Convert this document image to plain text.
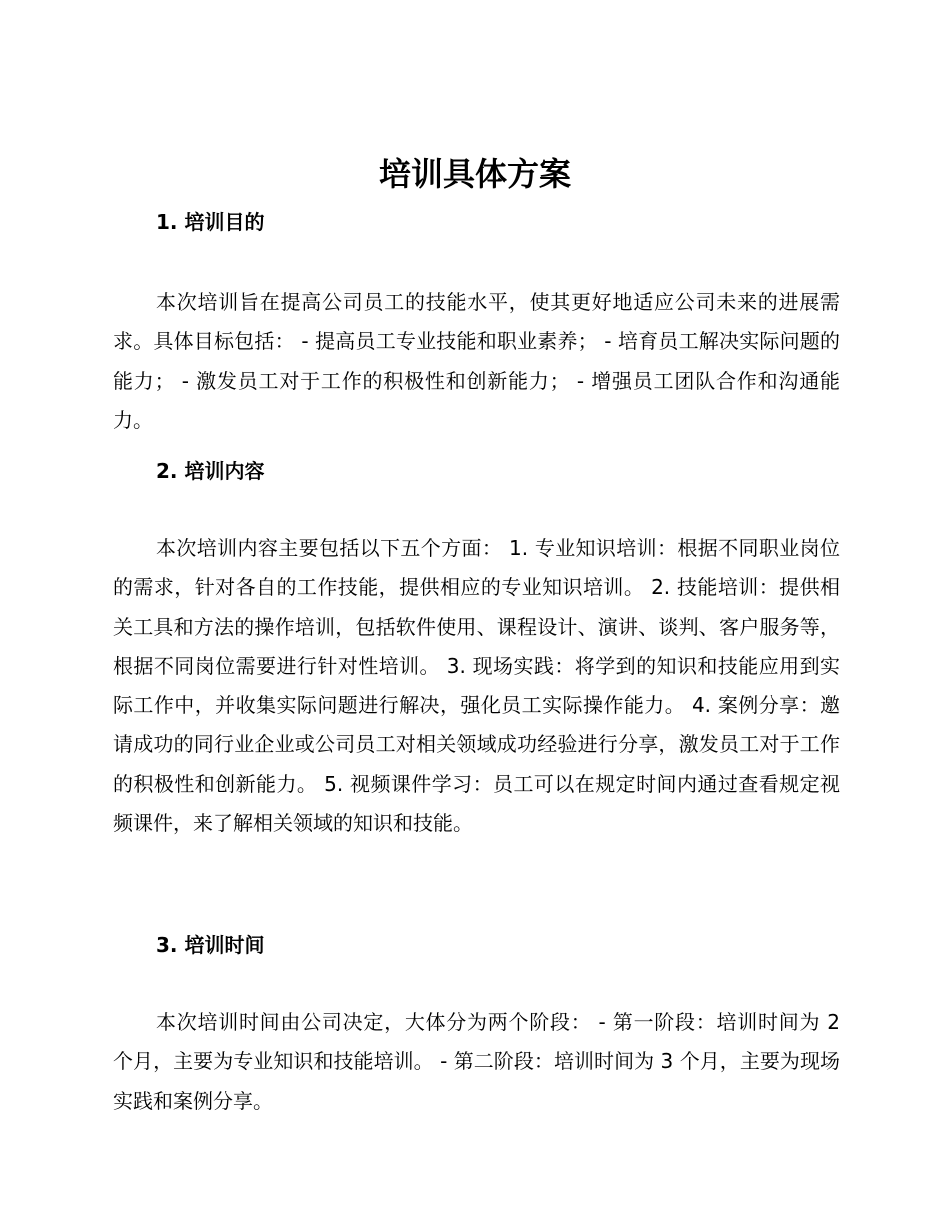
培训具体方案
1. 培训目的

本次培训旨在提高公司员工的技能水平，使其更好地适应公司未来的进展需求。具体目标包括： - 提高员工专业技能和职业素养； - 培育员工解决实际问题的能力； - 激发员工对于工作的积极性和创新能力； - 增强员工团队合作和沟通能力。

2. 培训内容

本次培训内容主要包括以下五个方面： 1. 专业知识培训：根据不同职业岗位的需求，针对各自的工作技能，提供相应的专业知识培训。 2. 技能培训：提供相关工具和方法的操作培训，包括软件使用、课程设计、演讲、谈判、客户服务等，根据不同岗位需要进行针对性培训。 3. 现场实践：将学到的知识和技能应用到实际工作中，并收集实际问题进行解决，强化员工实际操作能力。 4. 案例分享：邀请成功的同行业企业或公司员工对相关领域成功经验进行分享，激发员工对于工作的积极性和创新能力。 5. 视频课件学习：员工可以在规定时间内通过查看规定视频课件，来了解相关领域的知识和技能。

3. 培训时间

本次培训时间由公司决定，大体分为两个阶段： - 第一阶段：培训时间为 2 个月，主要为专业知识和技能培训。 - 第二阶段：培训时间为 3 个月，主要为现场实践和案例分享。
